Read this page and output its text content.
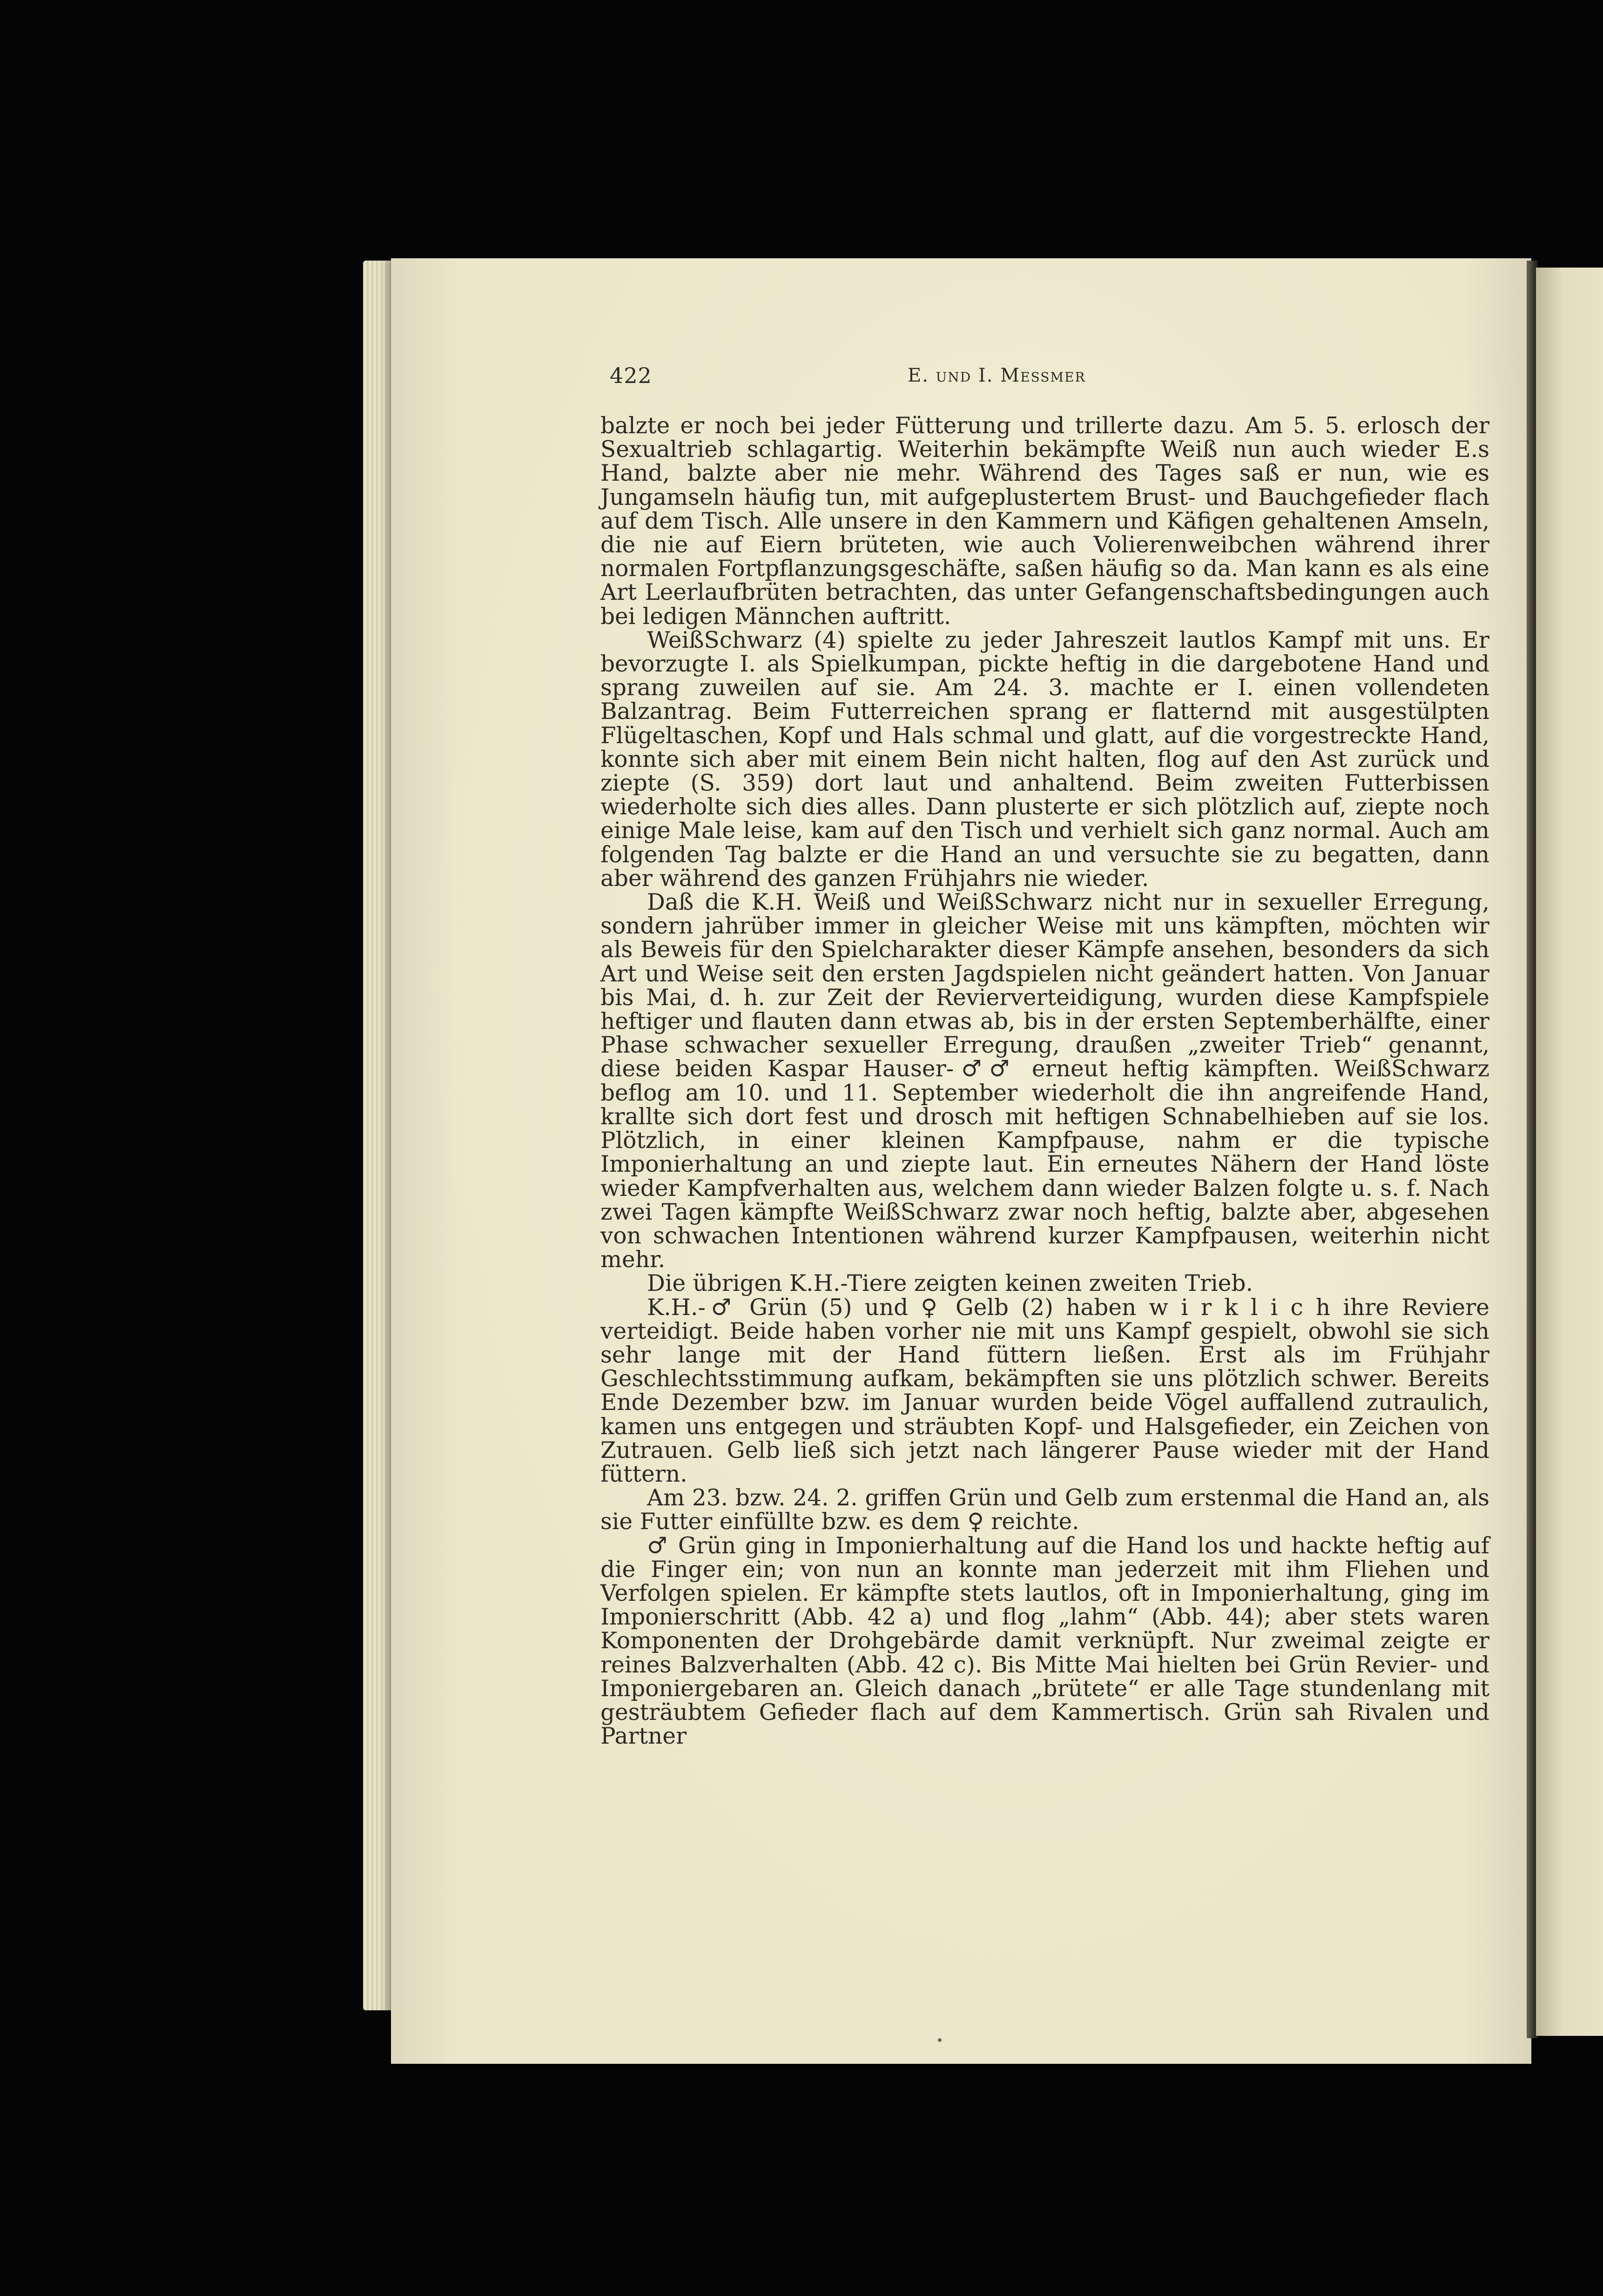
422	E. und I. Messmer

balzte er noch bei jeder Fütterung und trillerte dazu. Am 5. 5. erlosch der Sexualtrieb schlagartig. Weiterhin bekämpfte Weiß nun auch wieder E.s Hand, balzte aber nie mehr. Während des Tages saß er nun, wie es Jungamseln häufig tun, mit aufgeplustertem Brust- und Bauchgefieder flach auf dem Tisch. Alle unsere in den Kammern und Käfigen gehaltenen Amseln, die nie auf Eiern brüteten, wie auch Volierenweibchen während ihrer normalen Fortpflanzungsgeschäfte, saßen häufig so da. Man kann es als eine Art Leerlaufbrüten betrachten, das unter Gefangenschaftsbedingungen auch bei ledigen Männchen auftritt.

WeißSchwarz (4) spielte zu jeder Jahreszeit lautlos Kampf mit uns. Er bevorzugte I. als Spielkumpan, pickte heftig in die dargebotene Hand und sprang zuweilen auf sie. Am 24. 3. machte er I. einen vollendeten Balzantrag. Beim Futterreichen sprang er flatternd mit ausgestülpten Flügeltaschen, Kopf und Hals schmal und glatt, auf die vorgestreckte Hand, konnte sich aber mit einem Bein nicht halten, flog auf den Ast zurück und ziepte (S. 359) dort laut und anhaltend. Beim zweiten Futterbissen wiederholte sich dies alles. Dann plusterte er sich plötzlich auf, ziepte noch einige Male leise, kam auf den Tisch und verhielt sich ganz normal. Auch am folgenden Tag balzte er die Hand an und versuchte sie zu begatten, dann aber während des ganzen Frühjahrs nie wieder.

Daß die K.H. Weiß und WeißSchwarz nicht nur in sexueller Erregung, sondern jahrüber immer in gleicher Weise mit uns kämpften, möchten wir als Beweis für den Spielcharakter dieser Kämpfe ansehen, besonders da sich Art und Weise seit den ersten Jagdspielen nicht geändert hatten. Von Januar bis Mai, d. h. zur Zeit der Revierverteidigung, wurden diese Kampfspiele heftiger und flauten dann etwas ab, bis in der ersten Septemberhälfte, einer Phase schwacher sexueller Erregung, draußen „zweiter Trieb“ genannt, diese beiden Kaspar Hauser-♂♂ erneut heftig kämpften. WeißSchwarz beflog am 10. und 11. September wiederholt die ihn angreifende Hand, krallte sich dort fest und drosch mit heftigen Schnabelhieben auf sie los. Plötzlich, in einer kleinen Kampfpause, nahm er die typische Imponierhaltung an und ziepte laut. Ein erneutes Nähern der Hand löste wieder Kampfverhalten aus, welchem dann wieder Balzen folgte u. s. f. Nach zwei Tagen kämpfte WeißSchwarz zwar noch heftig, balzte aber, abgesehen von schwachen Intentionen während kurzer Kampfpausen, weiterhin nicht mehr.

Die übrigen K.H.-Tiere zeigten keinen zweiten Trieb.

K.H.-♂ Grün (5) und ♀ Gelb (2) haben w i r k l i c h ihre Reviere verteidigt. Beide haben vorher nie mit uns Kampf gespielt, obwohl sie sich sehr lange mit der Hand füttern ließen. Erst als im Frühjahr Geschlechtsstimmung aufkam, bekämpften sie uns plötzlich schwer. Bereits Ende Dezember bzw. im Januar wurden beide Vögel auffallend zutraulich, kamen uns entgegen und sträubten Kopf- und Halsgefieder, ein Zeichen von Zutrauen. Gelb ließ sich jetzt nach längerer Pause wieder mit der Hand füttern.

Am 23. bzw. 24. 2. griffen Grün und Gelb zum erstenmal die Hand an, als sie Futter einfüllte bzw. es dem ♀ reichte.

♂ Grün ging in Imponierhaltung auf die Hand los und hackte heftig auf die Finger ein; von nun an konnte man jederzeit mit ihm Fliehen und Verfolgen spielen. Er kämpfte stets lautlos, oft in Imponierhaltung, ging im Imponierschritt (Abb. 42 a) und flog „lahm“ (Abb. 44); aber stets waren Komponenten der Drohgebärde damit verknüpft. Nur zweimal zeigte er reines Balzverhalten (Abb. 42 c). Bis Mitte Mai hielten bei Grün Revier- und Imponiergebaren an. Gleich danach „brütete“ er alle Tage stundenlang mit gesträubtem Gefieder flach auf dem Kammertisch. Grün sah Rivalen und Partner
